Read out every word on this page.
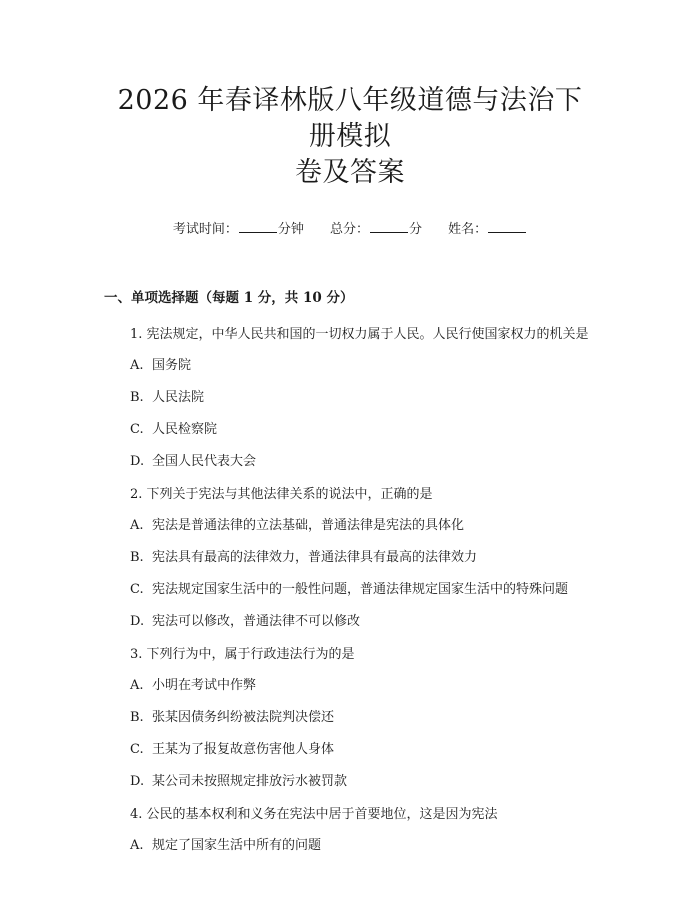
2026 年春译林版八年级道德与法治下册模拟
卷及答案
考试时间：	分钟 总分：	分 姓名：
一、单项选择题（每题 1 分，共 10 分）

1. 宪法规定，中华人民共和国的一切权力属于人民。人民行使国家权力的机关是

A. 国务院

B. 人民法院

C. 人民检察院

D. 全国人民代表大会

2. 下列关于宪法与其他法律关系的说法中，正确的是

A. 宪法是普通法律的立法基础，普通法律是宪法的具体化

B. 宪法具有最高的法律效力，普通法律具有最高的法律效力

C. 宪法规定国家生活中的一般性问题，普通法律规定国家生活中的特殊问题

D. 宪法可以修改，普通法律不可以修改

3. 下列行为中，属于行政违法行为的是

A. 小明在考试中作弊

B. 张某因债务纠纷被法院判决偿还

C. 王某为了报复故意伤害他人身体

D. 某公司未按照规定排放污水被罚款

4. 公民的基本权利和义务在宪法中居于首要地位，这是因为宪法

A. 规定了国家生活中所有的问题
